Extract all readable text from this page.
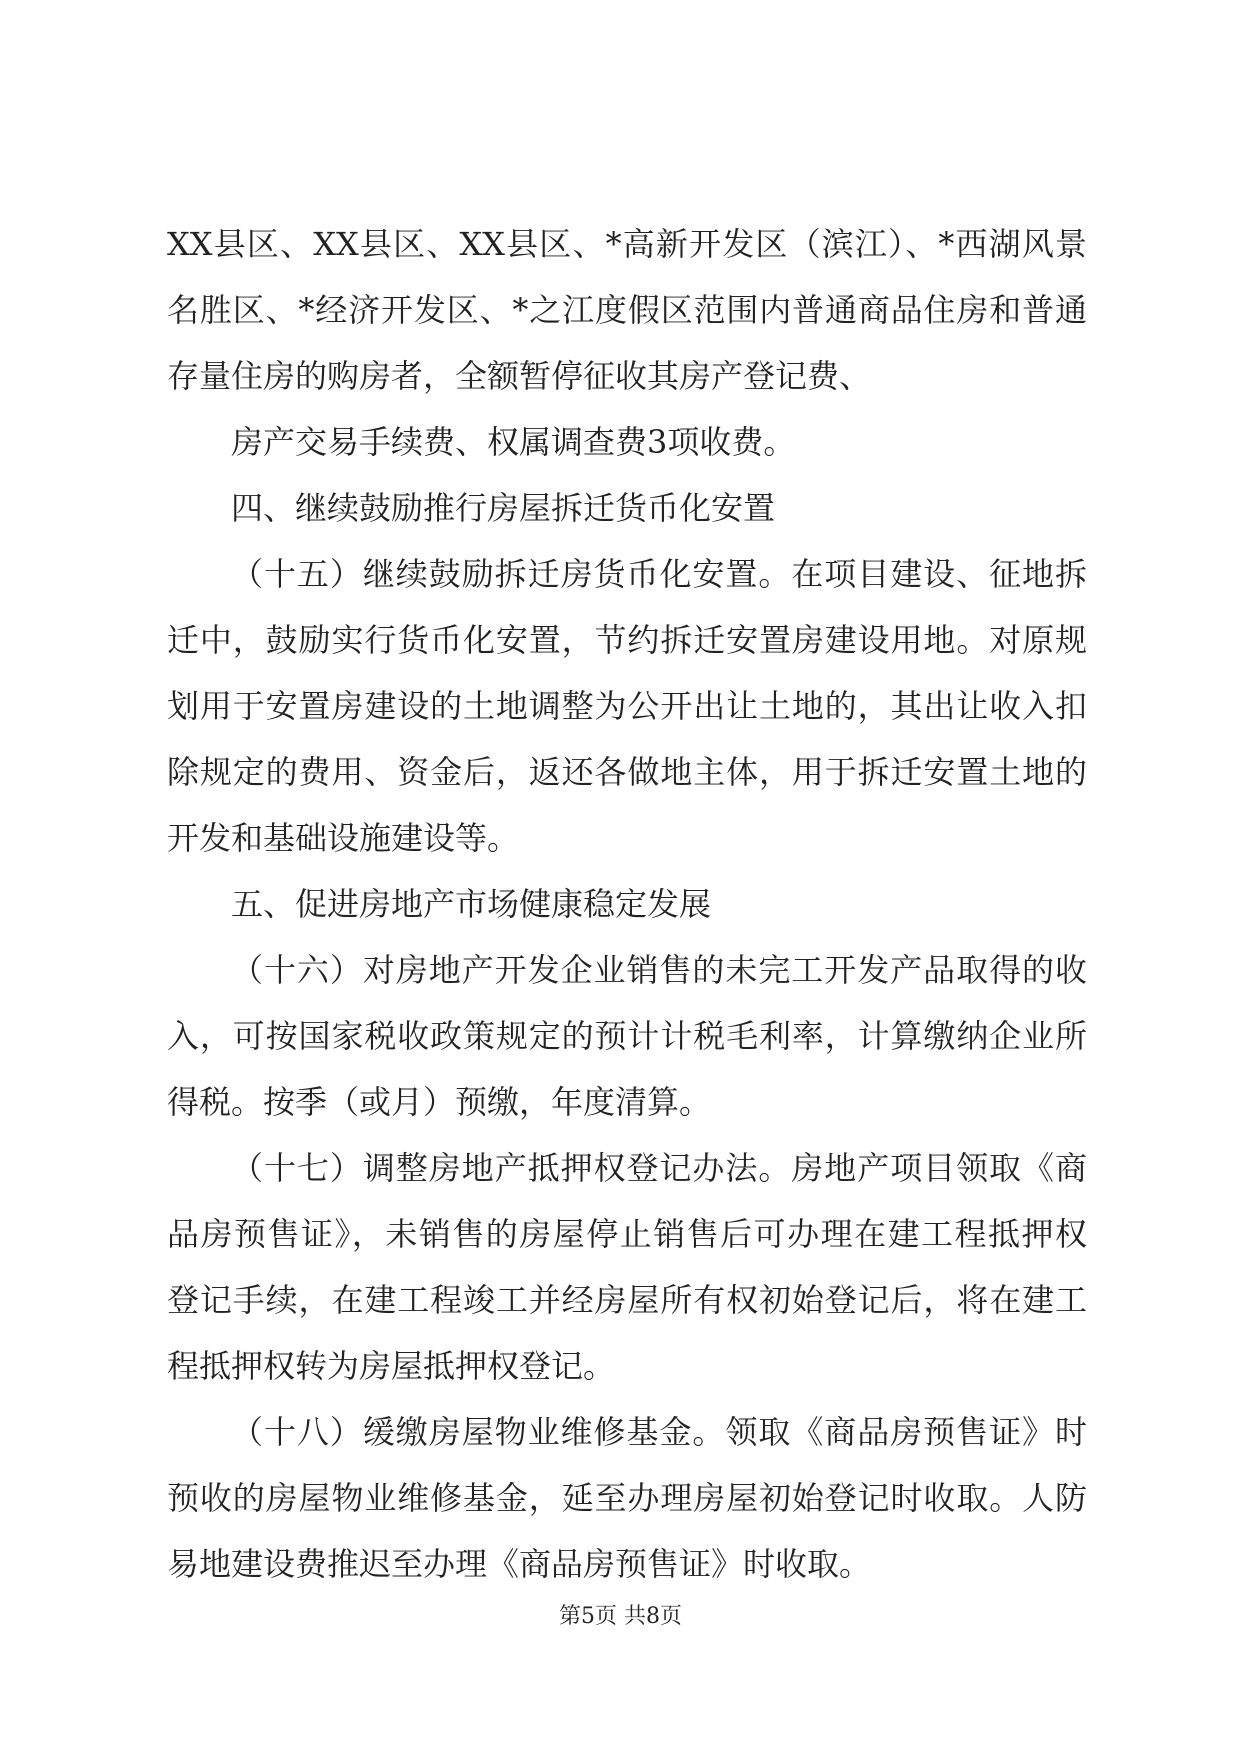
XX县区、XX县区、XX县区、*高新开发区（滨江）、*西湖风景
名胜区、*经济开发区、*之江度假区范围内普通商品住房和普通
存量住房的购房者，全额暂停征收其房产登记费、
房产交易手续费、权属调查费3项收费。
四、继续鼓励推行房屋拆迁货币化安置
（十五）继续鼓励拆迁房货币化安置。在项目建设、征地拆
迁中，鼓励实行货币化安置，节约拆迁安置房建设用地。对原规
划用于安置房建设的土地调整为公开出让土地的，其出让收入扣
除规定的费用、资金后，返还各做地主体，用于拆迁安置土地的
开发和基础设施建设等。
五、促进房地产市场健康稳定发展
（十六）对房地产开发企业销售的未完工开发产品取得的收
入，可按国家税收政策规定的预计计税毛利率，计算缴纳企业所
得税。按季（或月）预缴，年度清算。
（十七）调整房地产抵押权登记办法。房地产项目领取《商
品房预售证》，未销售的房屋停止销售后可办理在建工程抵押权
登记手续，在建工程竣工并经房屋所有权初始登记后，将在建工
程抵押权转为房屋抵押权登记。
（十八）缓缴房屋物业维修基金。领取《商品房预售证》时
预收的房屋物业维修基金，延至办理房屋初始登记时收取。人防
易地建设费推迟至办理《商品房预售证》时收取。
第5页 共8页
